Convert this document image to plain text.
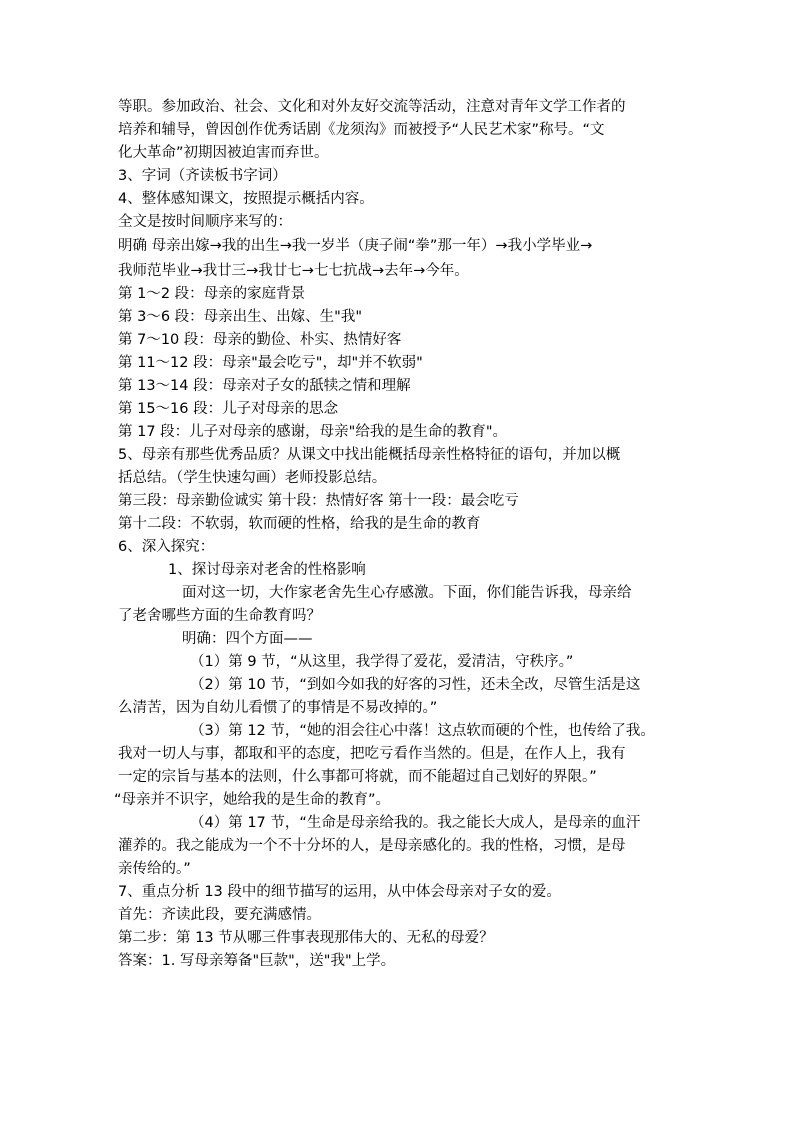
等职。参加政治、社会、文化和对外友好交流等活动，注意对青年文学工作者的
培养和辅导，曾因创作优秀话剧《龙须沟》而被授予“人民艺术家”称号。“文
化大革命”初期因被迫害而弃世。
3、字词（齐读板书字词）
4、整体感知课文，按照提示概括内容。
全文是按时间顺序来写的：
明确 母亲出嫁→我的出生→我一岁半（庚子闹“拳”那一年）→我小学毕业→
我师范毕业→我廿三→我廿七→七七抗战→去年→今年。
第 1～2 段：母亲的家庭背景
第 3～6 段：母亲出生、出嫁、生"我"
第 7～10 段：母亲的勤俭、朴实、热情好客
第 11～12 段：母亲"最会吃亏"，却"并不软弱"
第 13～14 段：母亲对子女的舐犊之情和理解
第 15～16 段：儿子对母亲的思念
第 17 段：儿子对母亲的感谢，母亲"给我的是生命的教育"。
5、母亲有那些优秀品质？从课文中找出能概括母亲性格特征的语句，并加以概
括总结。（学生快速勾画）老师投影总结。
第三段：母亲勤俭诚实 第十段：热情好客 第十一段：最会吃亏
第十二段：不软弱，软而硬的性格，给我的是生命的教育
6、深入探究：
1、探讨母亲对老舍的性格影响
面对这一切，大作家老舍先生心存感激。下面，你们能告诉我，母亲给
了老舍哪些方面的生命教育吗？
明确：四个方面——
（1）第 9 节，“从这里，我学得了爱花，爱清洁，守秩序。”
（2）第 10 节，“到如今如我的好客的习性，还未全改，尽管生活是这
么清苦，因为自幼儿看惯了的事情是不易改掉的。”
（3）第 12 节，“她的泪会往心中落！这点软而硬的个性，也传给了我。
我对一切人与事，都取和平的态度，把吃亏看作当然的。但是，在作人上，我有
一定的宗旨与基本的法则，什么事都可将就，而不能超过自己划好的界限。”
“母亲并不识字，她给我的是生命的教育”。
（4）第 17 节，“生命是母亲给我的。我之能长大成人，是母亲的血汗
灌养的。我之能成为一个不十分坏的人，是母亲感化的。我的性格，习惯，是母
亲传给的。”
7、重点分析 13 段中的细节描写的运用，从中体会母亲对子女的爱。
首先：齐读此段，要充满感情。
第二步：第 13 节从哪三件事表现那伟大的、无私的母爱？
答案：1. 写母亲筹备"巨款"，送"我"上学。
